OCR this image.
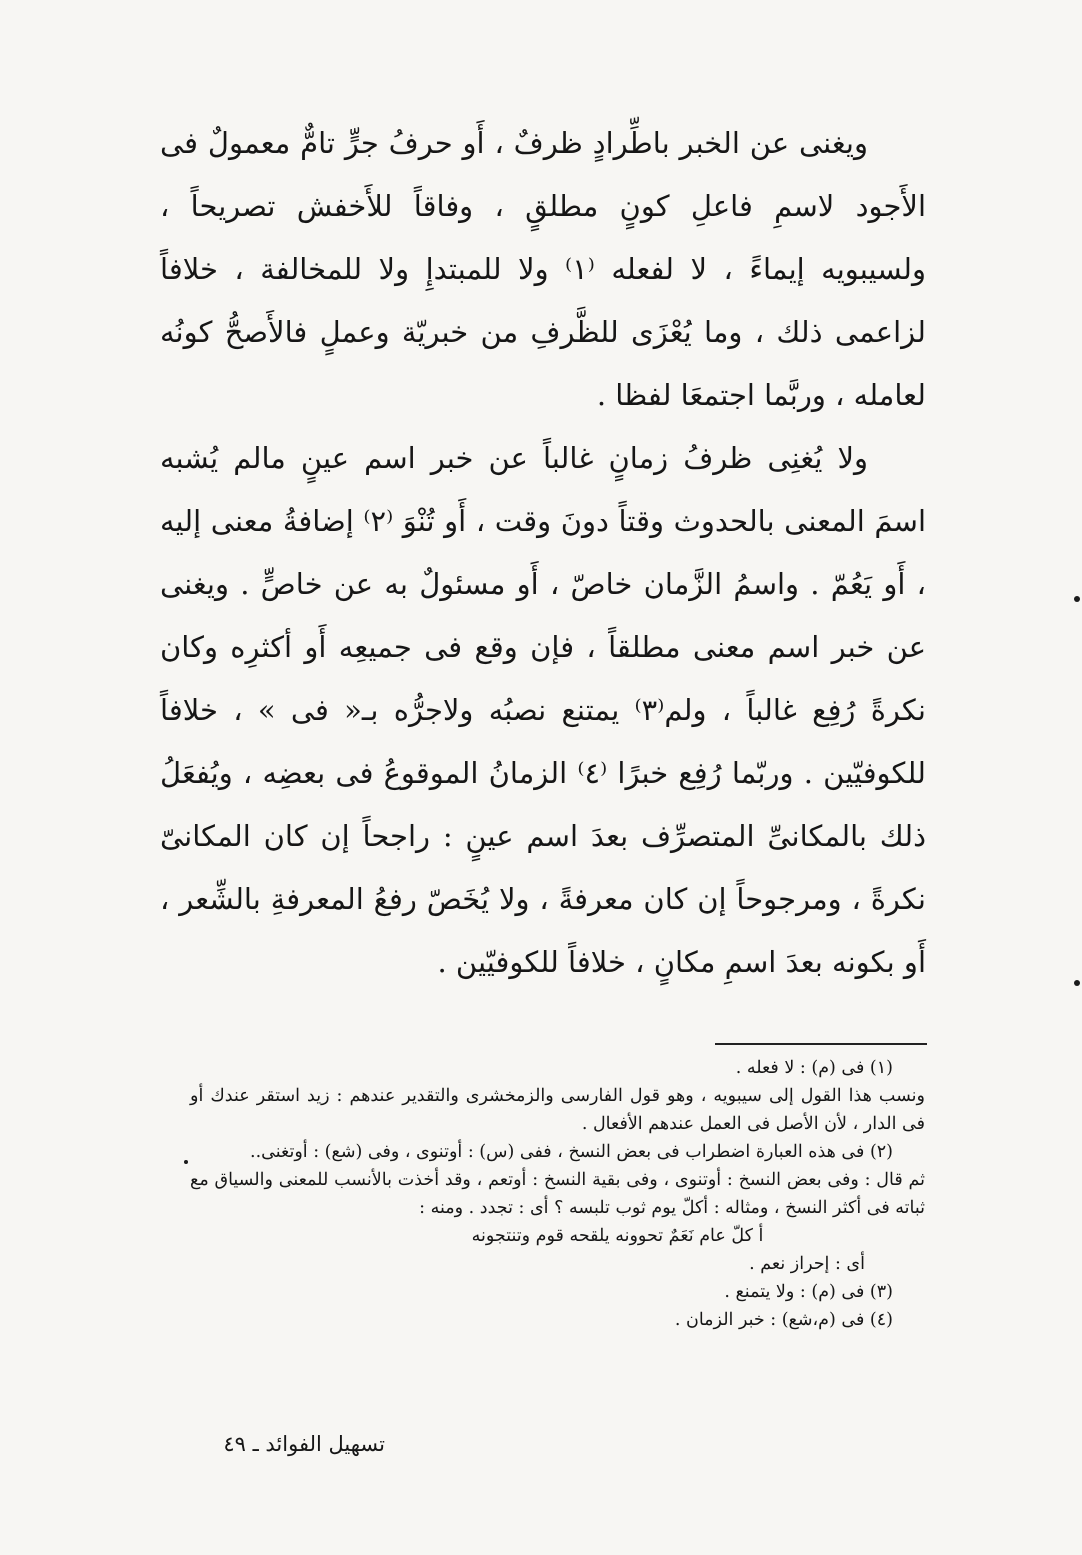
ويغنى عن الخبر باطِّرادٍ ظرفٌ ، أَو حرفُ جرٍّ تامٌّ معمولٌ فى الأَجود لاسمِ فاعلِ كونٍ مطلقٍ ، وفاقاً للأَخفش تصريحاً ، ولسيبويه إيماءً ، لا لفعله ⁽١⁾ ولا للمبتدإِ ولا للمخالفة ، خلافاً لزاعمى ذلك ، وما يُعْزَى للظَّرفِ من خبريّة وعملٍ فالأَصحُّ كونُه لعامله ، وربَّما اجتمعَا لفظا .

ولا يُغنِى ظرفُ زمانٍ غالباً عن خبر اسم عينٍ مالم يُشبه اسمَ المعنى بالحدوث وقتاً دونَ وقت ، أَو تُنْوَ ⁽٢⁾ إضافةُ معنى إليه ، أَو يَعُمّ . واسمُ الزَّمان خاصّ ، أَو مسئولٌ به عن خاصٍّ . ويغنى عن خبر اسم معنى مطلقاً ، فإن وقع فى جميعِه أَو أكثرِه وكان نكرةً رُفِع غالباً ، ولم⁽٣⁾ يمتنع نصبُه ولاجرُّه بـ« فى » ، خلافاً للكوفيّين . وربّما رُفِع خبرًا ⁽٤⁾ الزمانُ الموقوعُ فى بعضِه ، ويُفعَلُ ذلك بالمكانىِّ المتصرِّف بعدَ اسم عينٍ : راجحاً إن كان المكانىّ نكرةً ، ومرجوحاً إن كان معرفةً ، ولا يُخَصّ رفعُ المعرفةِ بالشِّعر ، أَو بكونه بعدَ اسمِ مكانٍ ، خلافاً للكوفيّين .

(١) فى (م) : لا فعله .

ونسب هذا القول إلى سيبويه ، وهو قول الفارسى والزمخشرى والتقدير عندهم : زيد استقر عندك أو فى الدار ، لأن الأصل فى العمل عندهم الأفعال .

(٢) فى هذه العبارة اضطراب فى بعض النسخ ، ففى (س) : أوتنوى ، وفى (شع) : أوتغنى..

ثم قال : وفى بعض النسخ : أوتنوى ، وفى بقية النسخ : أوتعم ، وقد أخذت بالأنسب للمعنى والسياق مع ثباته فى أكثر النسخ ، ومثاله : أكلّ يوم ثوب تلبسه ؟ أى : تجدد . ومنه :

أ كلّ عام نَعَمٌ تحوونه يلقحه قوم وتنتجونه

أى : إحراز نعم .

(٣) فى (م) : ولا يتمنع .

(٤) فى (م،شع) : خبر الزمان .

تسهيل الفوائد ـ ٤٩
